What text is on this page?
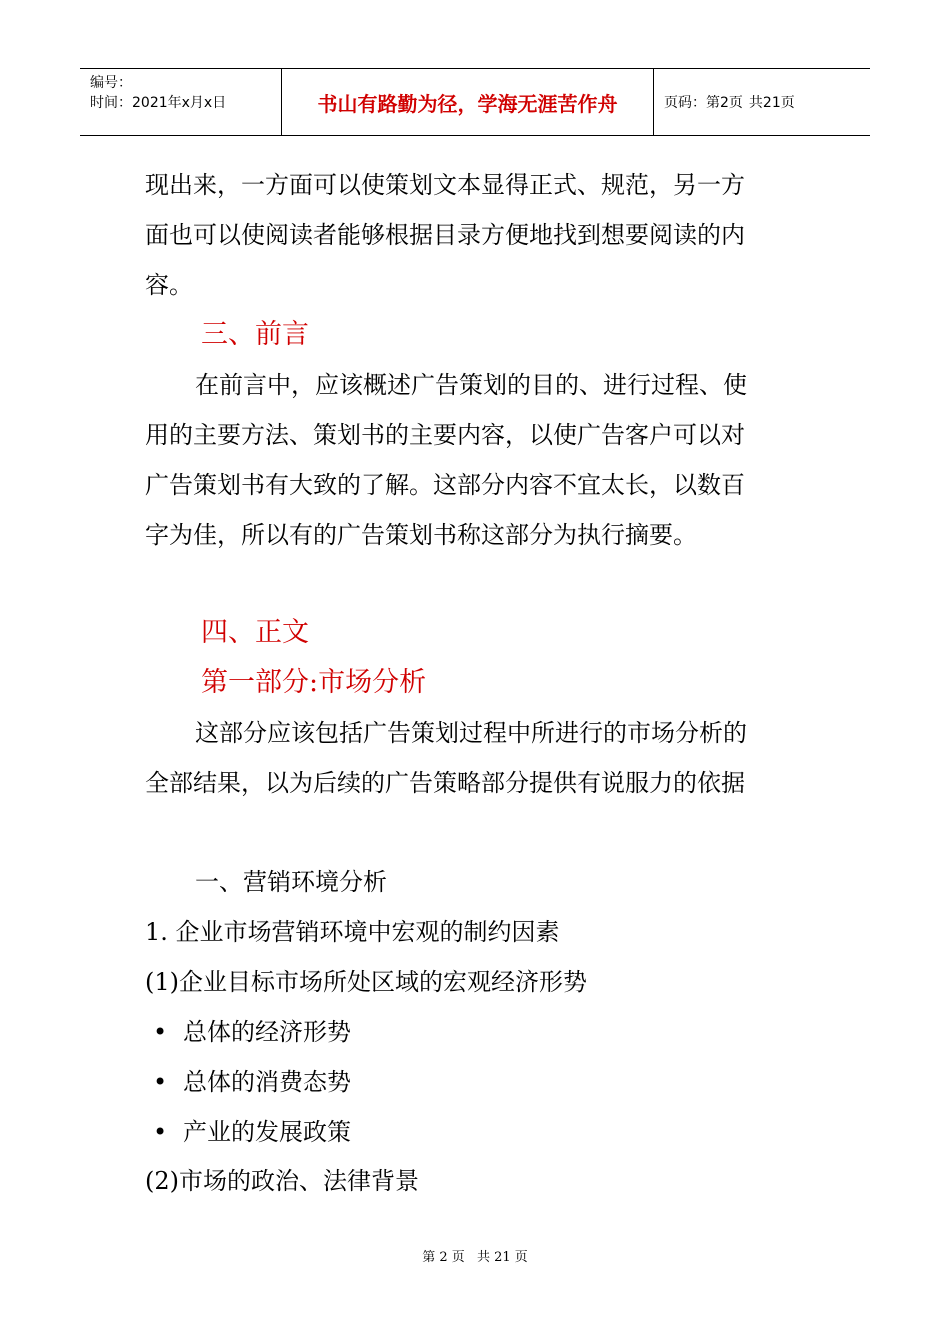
编号：
时间：2021年x月x日	书山有路勤为径，学海无涯苦作舟	页码：第2页 共21页
现出来，一方面可以使策划文本显得正式、规范，另一方
面也可以使阅读者能够根据目录方便地找到想要阅读的内
容。
三、前言
在前言中，应该概述广告策划的目的、进行过程、使
用的主要方法、策划书的主要内容，以使广告客户可以对
广告策划书有大致的了解。这部分内容不宜太长，以数百
字为佳，所以有的广告策划书称这部分为执行摘要。
四、正文
第一部分:市场分析
这部分应该包括广告策划过程中所进行的市场分析的
全部结果，以为后续的广告策略部分提供有说服力的依据
一、营销环境分析
1. 企业市场营销环境中宏观的制约因素
(1)企业目标市场所处区域的宏观经济形势
• 总体的经济形势
• 总体的消费态势
• 产业的发展政策
(2)市场的政治、法律背景
第 2 页 共 21 页
